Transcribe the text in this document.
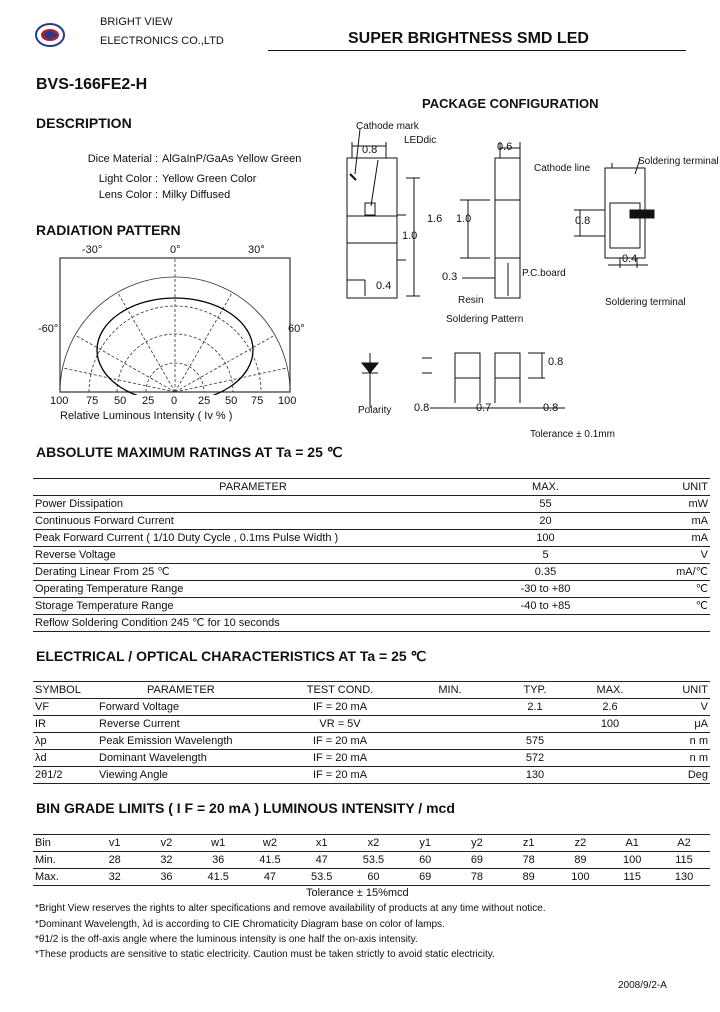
BRIGHT VIEW
ELECTRONICS CO.,LTD	SUPER BRIGHTNESS SMD LED
BVS-166FE2-H
DESCRIPTION
Dice Material : AlGaInP/GaAs Yellow Green
Light Color : Yellow Green Color
Lens Color : Milky Diffused
RADIATION PATTERN
-30°	0°	30°
-60°	60°
100 75 50 25 0 25 50 75 100
Relative Luminous Intensity ( Iv % )
PACKAGE CONFIGURATION
Cathode mark
LEDdic
Cathode line
Soldering terminal
P.C.board
Resin
Soldering Pattern
Soldering terminal
Polarity
0.8
1.6
1.0
0.4
0.6
1.0
0.3
0.8
0.4
0.8	0.7	0.8
0.8
Tolerance ± 0.1mm
ABSOLUTE MAXIMUM RATINGS AT Ta = 25 ℃
PARAMETER	MAX.	UNIT
Power Dissipation	55	mW
Continuous Forward Current	20	mA
Peak Forward Current ( 1/10 Duty Cycle , 0.1ms Pulse Width )	100	mA
Reverse Voltage	5	V
Derating Linear From 25 ℃	0.35	mA/℃
Operating Temperature Range	-30 to +80	℃
Storage Temperature Range	-40 to +85	℃
Reflow Soldering Condition 245 ℃ for 10 seconds		
ELECTRICAL / OPTICAL CHARACTERISTICS AT Ta = 25 ℃
SYMBOL	PARAMETER	TEST COND.	MIN.	TYP.	MAX.	UNIT
VF	Forward Voltage	IF = 20 mA		2.1	2.6	V
IR	Reverse Current	VR = 5V			100	μA
λp	Peak Emission Wavelength	IF = 20 mA		575		n m
λd	Dominant Wavelength	IF = 20 mA		572		n m
2θ1/2	Viewing Angle	IF = 20 mA		130		Deg
BIN GRADE LIMITS ( I F = 20 mA ) LUMINOUS INTENSITY / mcd
Bin	v1	v2	w1	w2	x1	x2	y1	y2	z1	z2	A1	A2
Min.	28	32	36	41.5	47	53.5	60	69	78	89	100	115
Max.	32	36	41.5	47	53.5	60	69	78	89	100	115	130
Tolerance ± 15%mcd
*Bright View reserves the rights to alter specifications and remove availability of products at any time without notice.
*Dominant Wavelength, λd is according to CIE Chromaticity Diagram base on color of lamps.
*θ1/2 is the off-axis angle where the luminous intensity is one half the on-axis intensity.
*These products are sensitive to static electricity. Caution must be taken strictly to avoid static electricity.
2008/9/2-A
